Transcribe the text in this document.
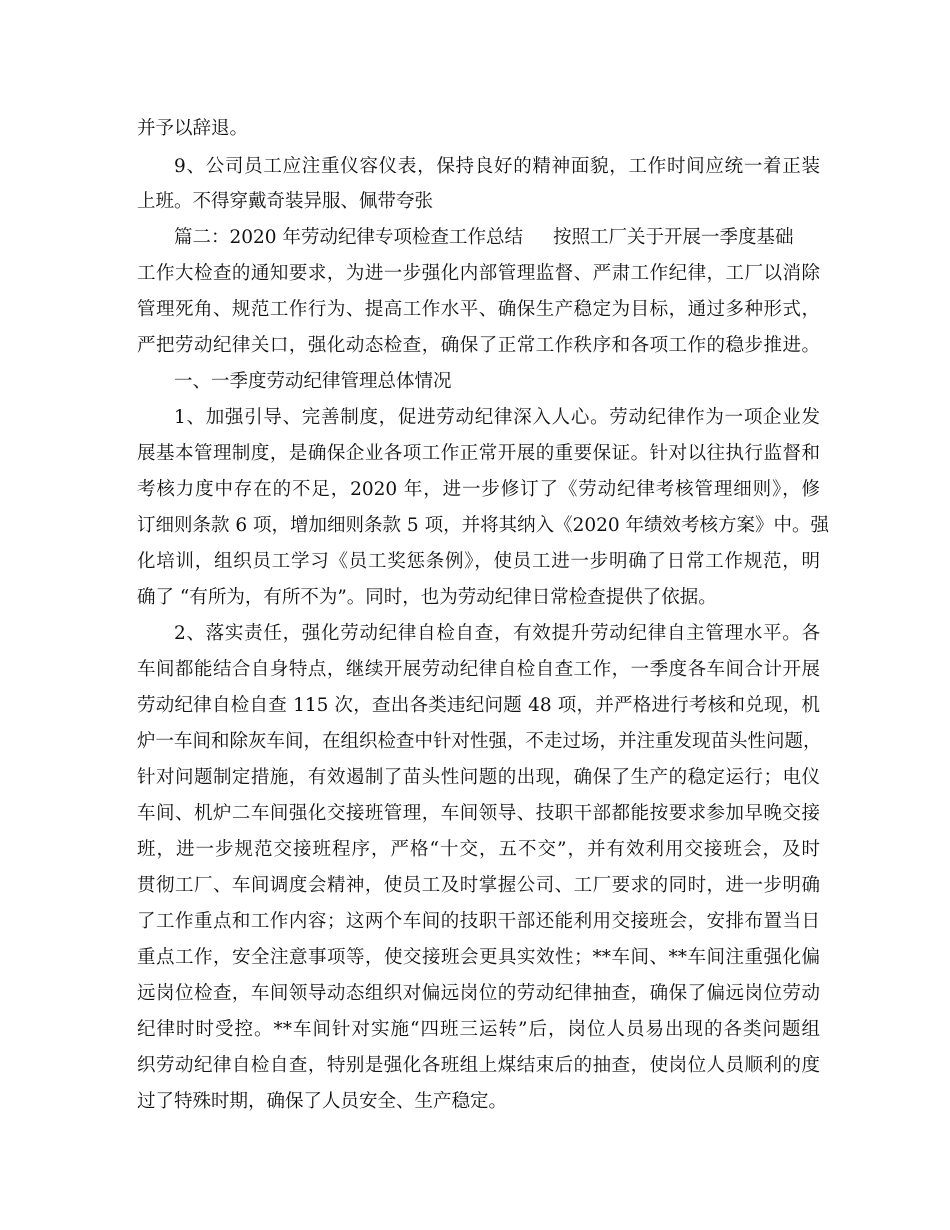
并予以辞退。

9、公司员工应注重仪容仪表，保持良好的精神面貌，工作时间应统一着正装

上班。不得穿戴奇装异服、佩带夸张

篇二：2020 年劳动纪律专项检查工作总结 按照工厂关于开展一季度基础

工作大检查的通知要求，为进一步强化内部管理监督、严肃工作纪律，工厂以消除

管理死角、规范工作行为、提高工作水平、确保生产稳定为目标，通过多种形式，

严把劳动纪律关口，强化动态检查，确保了正常工作秩序和各项工作的稳步推进。

一、一季度劳动纪律管理总体情况

1、加强引导、完善制度，促进劳动纪律深入人心。劳动纪律作为一项企业发

展基本管理制度，是确保企业各项工作正常开展的重要保证。针对以往执行监督和

考核力度中存在的不足，2020 年，进一步修订了《劳动纪律考核管理细则》，修

订细则条款 6 项，增加细则条款 5 项，并将其纳入《2020 年绩效考核方案》中。强

化培训，组织员工学习《员工奖惩条例》，使员工进一步明确了日常工作规范，明

确了 “有所为，有所不为”。同时，也为劳动纪律日常检查提供了依据。

2、落实责任，强化劳动纪律自检自查，有效提升劳动纪律自主管理水平。各

车间都能结合自身特点，继续开展劳动纪律自检自查工作，一季度各车间合计开展

劳动纪律自检自查 115 次，查出各类违纪问题 48 项，并严格进行考核和兑现，机

炉一车间和除灰车间，在组织检查中针对性强，不走过场，并注重发现苗头性问题，

针对问题制定措施，有效遏制了苗头性问题的出现，确保了生产的稳定运行；电仪

车间、机炉二车间强化交接班管理，车间领导、技职干部都能按要求参加早晚交接

班，进一步规范交接班程序，严格“十交，五不交”，并有效利用交接班会，及时

贯彻工厂、车间调度会精神，使员工及时掌握公司、工厂要求的同时，进一步明确

了工作重点和工作内容；这两个车间的技职干部还能利用交接班会，安排布置当日

重点工作，安全注意事项等，使交接班会更具实效性；**车间、**车间注重强化偏

远岗位检查，车间领导动态组织对偏远岗位的劳动纪律抽查，确保了偏远岗位劳动

纪律时时受控。**车间针对实施“四班三运转”后，岗位人员易出现的各类问题组

织劳动纪律自检自查，特别是强化各班组上煤结束后的抽查，使岗位人员顺利的度

过了特殊时期，确保了人员安全、生产稳定。
